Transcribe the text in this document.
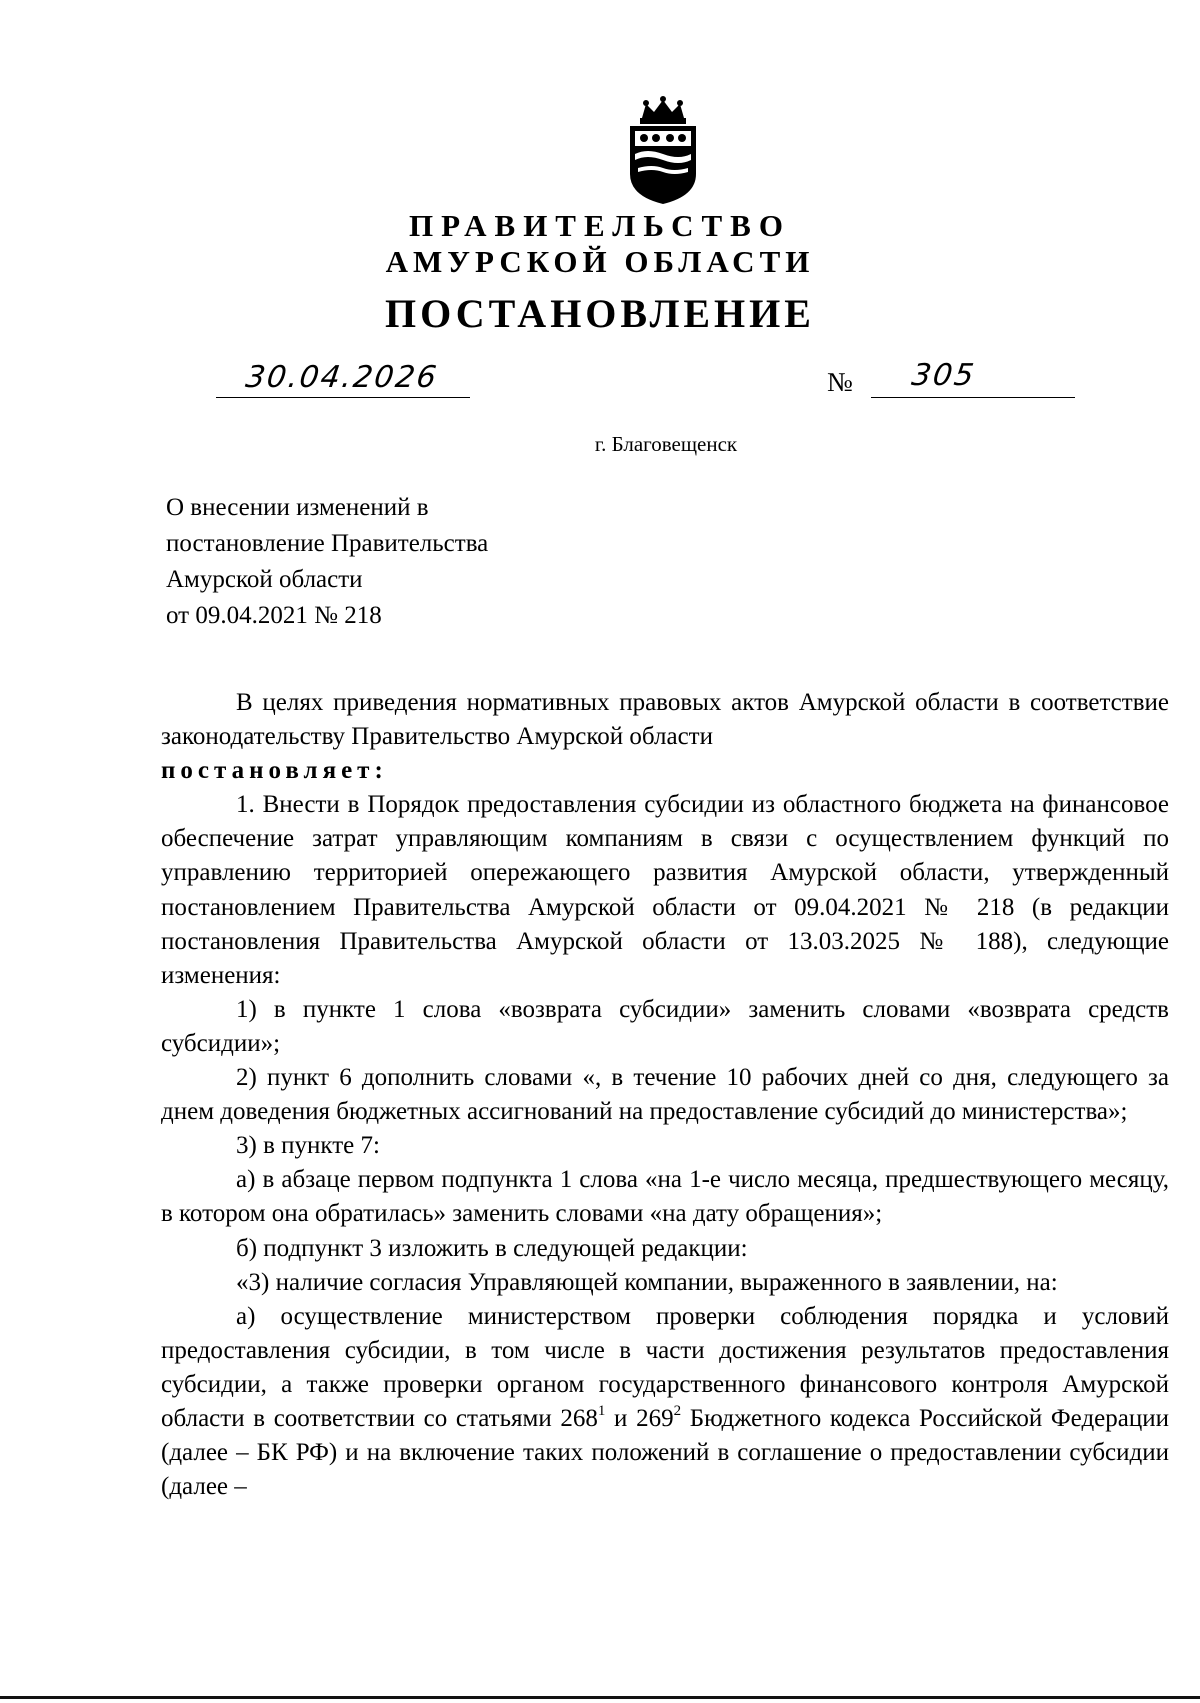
ПРАВИТЕЛЬСТВО
АМУРСКОЙ ОБЛАСТИ
ПОСТАНОВЛЕНИЕ
30.04.2026	№ 305
г. Благовещенск
О внесении изменений в
постановление Правительства
Амурской области
от 09.04.2021 № 218

В целях приведения нормативных правовых актов Амурской области в соответствие законодательству Правительство Амурской области

постановляет:

1. Внести в Порядок предоставления субсидии из областного бюджета на финансовое обеспечение затрат управляющим компаниям в связи с осуществлением функций по управлению территорией опережающего развития Амурской области, утвержденный постановлением Правительства Амурской области от 09.04.2021 № 218 (в редакции постановления Правительства Амурской области от 13.03.2025 № 188), следующие изменения:

1) в пункте 1 слова «возврата субсидии» заменить словами «возврата средств субсидии»;

2) пункт 6 дополнить словами «, в течение 10 рабочих дней со дня, следующего за днем доведения бюджетных ассигнований на предоставление субсидий до министерства»;

3) в пункте 7:

а) в абзаце первом подпункта 1 слова «на 1-е число месяца, предшествующего месяцу, в котором она обратилась» заменить словами «на дату обращения»;

б) подпункт 3 изложить в следующей редакции:

«3) наличие согласия Управляющей компании, выраженного в заявлении, на:

а) осуществление министерством проверки соблюдения порядка и условий предоставления субсидии, в том числе в части достижения результатов предоставления субсидии, а также проверки органом государственного финансового контроля Амурской области в соответствии со статьями $268^1$ и $269^2$ Бюджетного кодекса Российской Федерации (далее – БК РФ) и на включение таких положений в соглашение о предоставлении субсидии (далее –
